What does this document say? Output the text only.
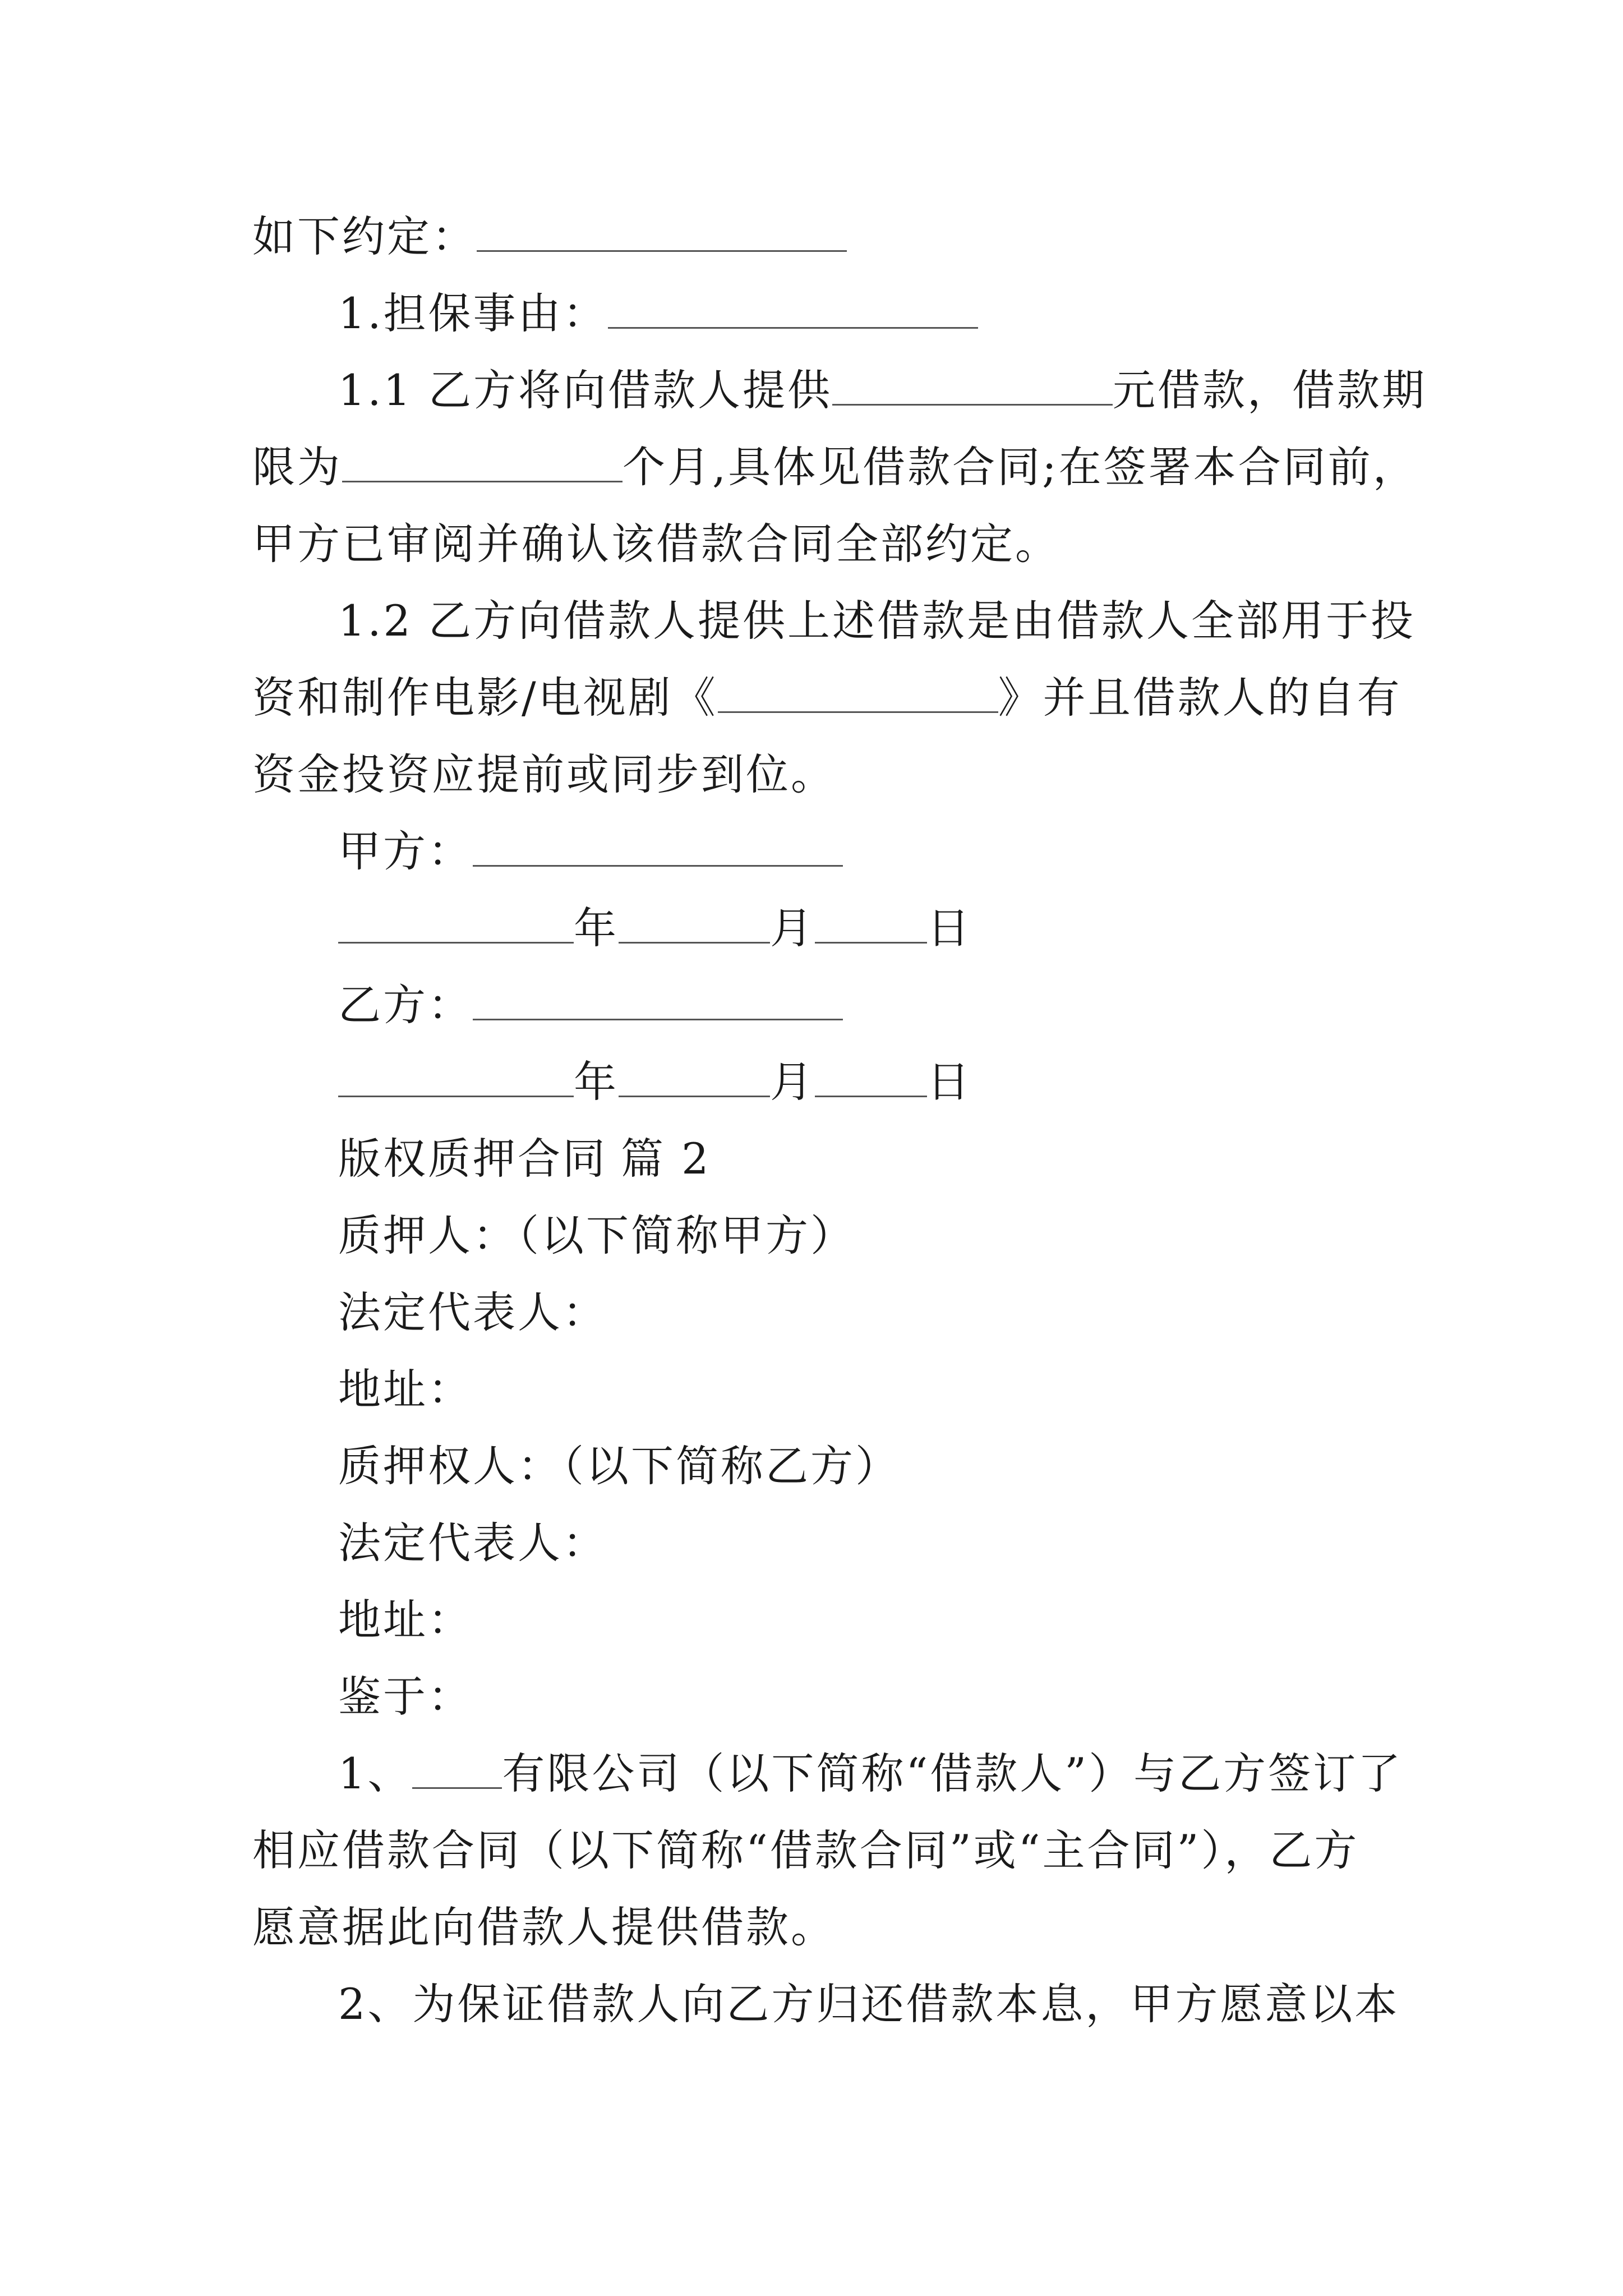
如下约定：
1.担保事由：
1.1 乙方将向借款人提供	元借款，借款期
限为	个月,具体见借款合同;在签署本合同前，
甲方已审阅并确认该借款合同全部约定。
1.2 乙方向借款人提供上述借款是由借款人全部用于投
资和制作电影/电视剧《	》并且借款人的自有
资金投资应提前或同步到位。
甲方：
年	月	日
乙方：
年	月	日
版权质押合同 篇 2
质押人：（以下简称甲方）
法定代表人：
地址：
质押权人：（以下简称乙方）
法定代表人：
地址：
鉴于：
1、 有限公司（以下简称“借款人”）与乙方签订了
相应借款合同（以下简称“借款合同”或“主合同”），乙方
愿意据此向借款人提供借款。
2、为保证借款人向乙方归还借款本息，甲方愿意以本
